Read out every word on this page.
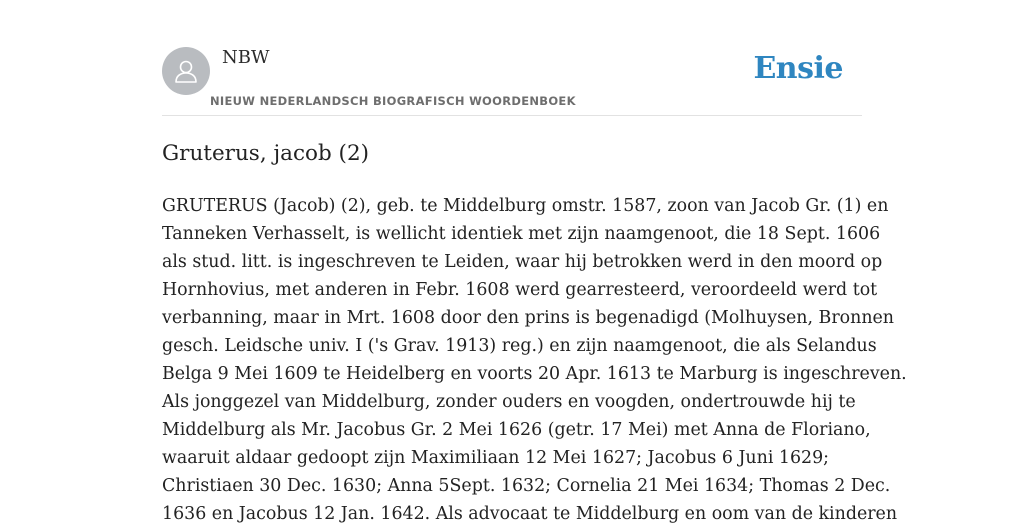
NBW
NIEUW NEDERLANDSCH BIOGRAFISCH WOORDENBOEK
Ensie
Gruterus, jacob (2)
GRUTERUS (Jacob) (2), geb. te Middelburg omstr. 1587, zoon van Jacob Gr. (1) en
Tanneken Verhasselt, is wellicht identiek met zijn naamgenoot, die 18 Sept. 1606
als stud. litt. is ingeschreven te Leiden, waar hij betrokken werd in den moord op
Hornhovius, met anderen in Febr. 1608 werd gearresteerd, veroordeeld werd tot
verbanning, maar in Mrt. 1608 door den prins is begenadigd (Molhuysen, Bronnen
gesch. Leidsche univ. I ('s Grav. 1913) reg.) en zijn naamgenoot, die als Selandus
Belga 9 Mei 1609 te Heidelberg en voorts 20 Apr. 1613 te Marburg is ingeschreven.
Als jonggezel van Middelburg, zonder ouders en voogden, ondertrouwde hij te
Middelburg als Mr. Jacobus Gr. 2 Mei 1626 (getr. 17 Mei) met Anna de Floriano,
waaruit aldaar gedoopt zijn Maximiliaan 12 Mei 1627; Jacobus 6 Juni 1629;
Christiaen 30 Dec. 1630; Anna 5Sept. 1632; Cornelia 21 Mei 1634; Thomas 2 Dec.
1636 en Jacobus 12 Jan. 1642. Als advocaat te Middelburg en oom van de kinderen
